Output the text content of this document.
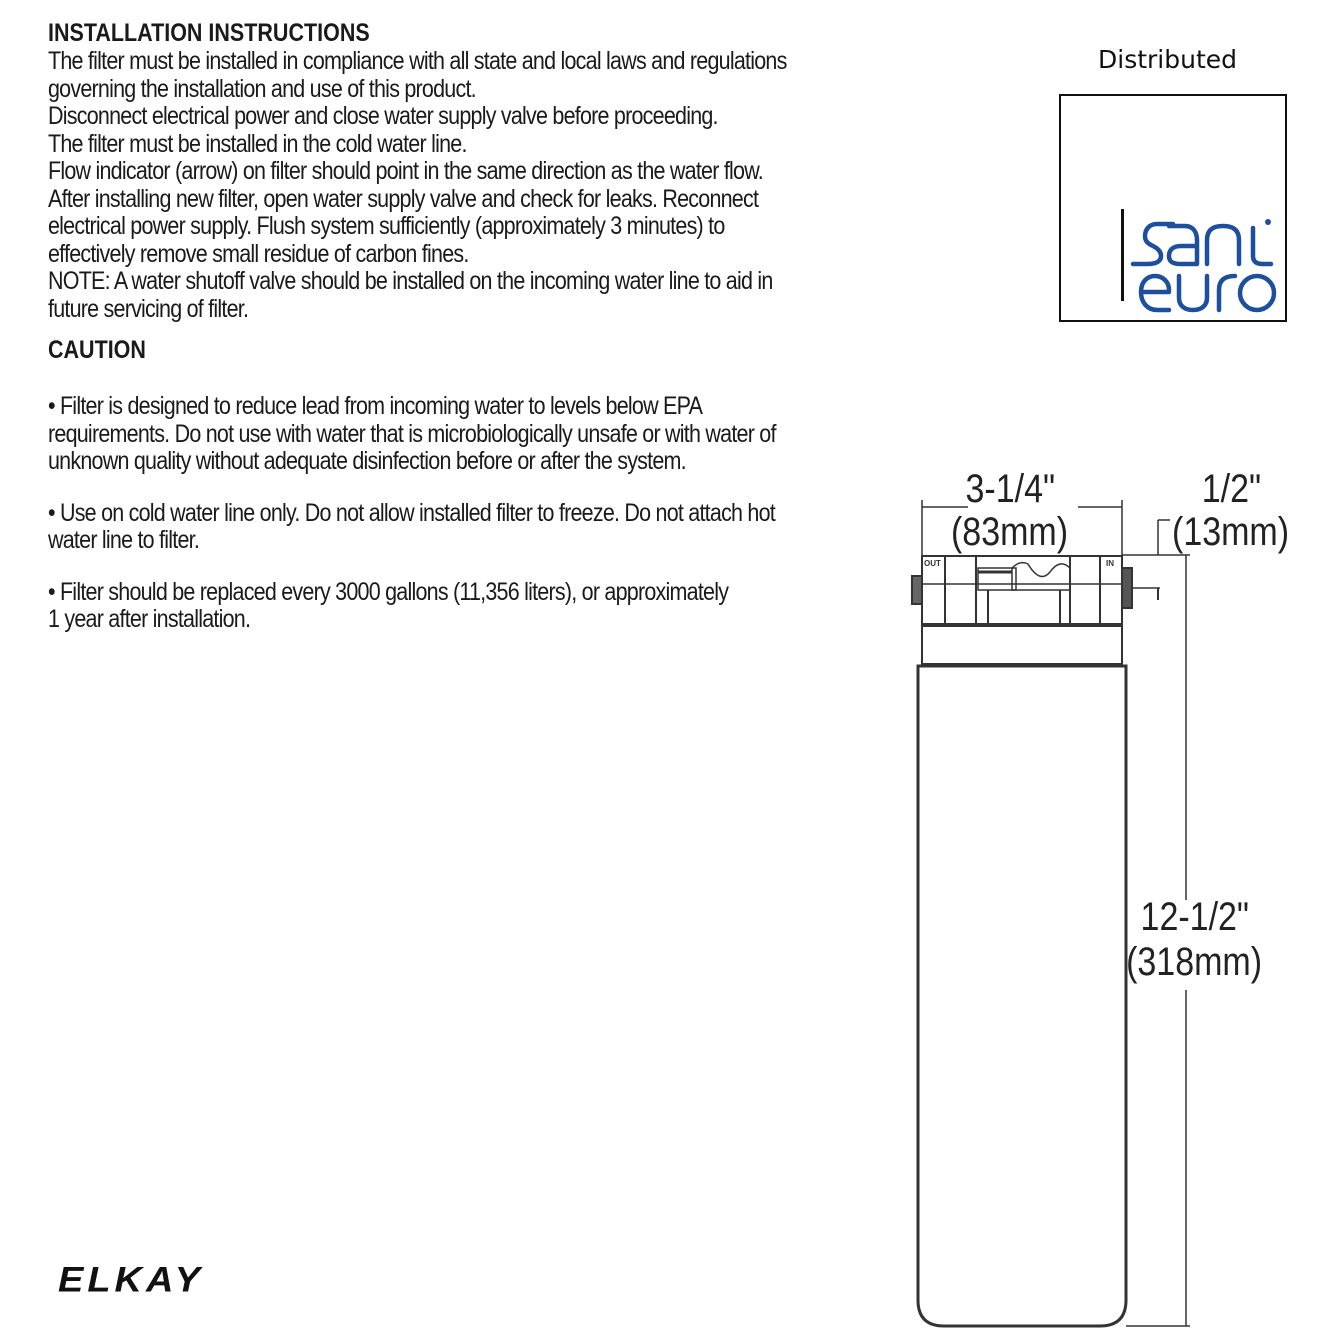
INSTALLATION INSTRUCTIONS

The filter must be installed in compliance with all state and local laws and regulations governing the installation and use of this product.

Disconnect electrical power and close water supply valve before proceeding.

The filter must be installed in the cold water line.

Flow indicator (arrow) on filter should point in the same direction as the water flow.

After installing new filter, open water supply valve and check for leaks. Reconnect electrical power supply. Flush system sufficiently (approximately 3 minutes) to effectively remove small residue of carbon fines.

NOTE: A water shutoff valve should be installed on the incoming water line to aid in future servicing of filter.

CAUTION

• Filter is designed to reduce lead from incoming water to levels below EPA requirements. Do not use with water that is microbiologically unsafe or with water of unknown quality without adequate disinfection before or after the system.

• Use on cold water line only. Do not allow installed filter to freeze. Do not attach hot water line to filter.

• Filter should be replaced every 3000 gallons (11,356 liters), or approximately 1 year after installation.

Distributed
ELKAY
3-1/4"
(83mm)
1/2"
(13mm)
12-1/2"
(318mm)
OUT	IN
